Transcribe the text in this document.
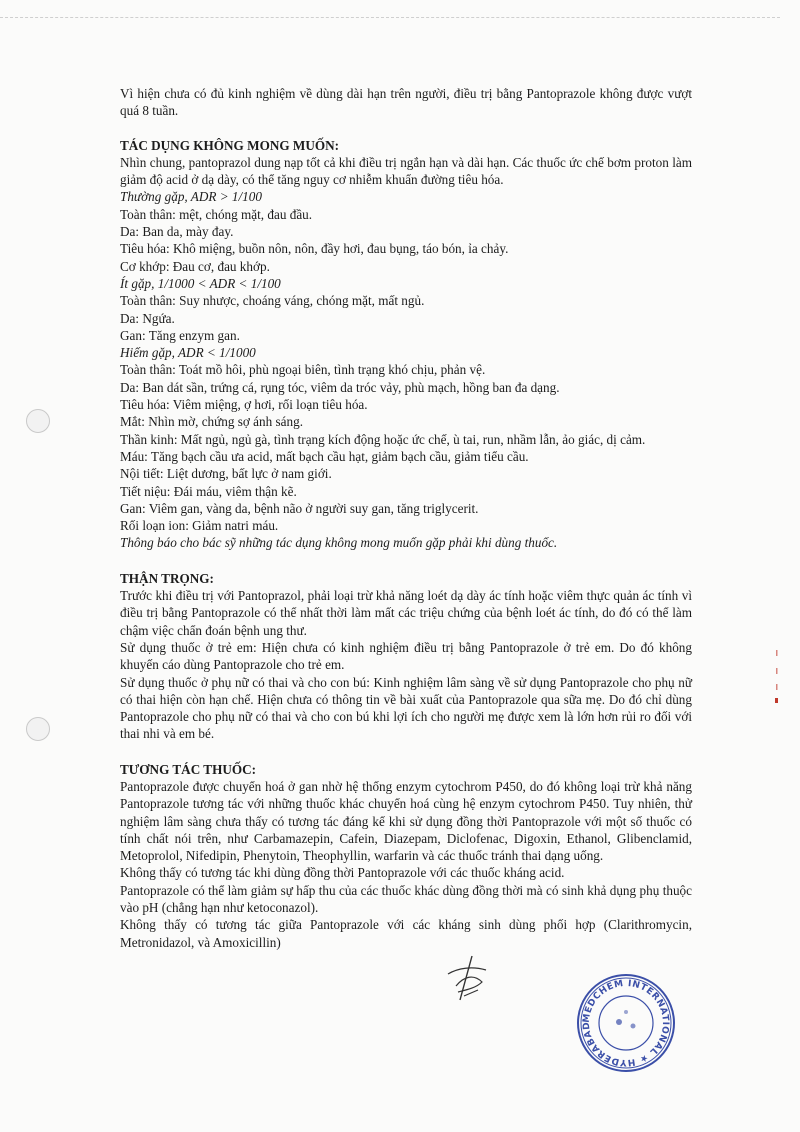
Vì hiện chưa có đủ kinh nghiệm về dùng dài hạn trên người, điều trị bằng Pantoprazole không được vượt quá 8 tuần.

TÁC DỤNG KHÔNG MONG MUỐN:

Nhìn chung, pantoprazol dung nạp tốt cả khi điều trị ngắn hạn và dài hạn. Các thuốc ức chế bơm proton làm giảm độ acid ở dạ dày, có thể tăng nguy cơ nhiễm khuẩn đường tiêu hóa.

Thường gặp, ADR > 1/100

Toàn thân: mệt, chóng mặt, đau đầu.

Da: Ban da, mày đay.

Tiêu hóa: Khô miệng, buồn nôn, nôn, đầy hơi, đau bụng, táo bón, ỉa chảy.

Cơ khớp: Đau cơ, đau khớp.

Ít gặp, 1/1000 < ADR < 1/100

Toàn thân: Suy nhược, choáng váng, chóng mặt, mất ngủ.

Da: Ngứa.

Gan: Tăng enzym gan.

Hiếm gặp, ADR < 1/1000

Toàn thân: Toát mồ hôi, phù ngoại biên, tình trạng khó chịu, phản vệ.

Da: Ban dát sần, trứng cá, rụng tóc, viêm da tróc vảy, phù mạch, hồng ban đa dạng.

Tiêu hóa: Viêm miệng, ợ hơi, rối loạn tiêu hóa.

Mắt: Nhìn mờ, chứng sợ ánh sáng.

Thần kinh: Mất ngủ, ngủ gà, tình trạng kích động hoặc ức chế, ù tai, run, nhầm lẫn, ảo giác, dị cảm.

Máu: Tăng bạch cầu ưa acid, mất bạch cầu hạt, giảm bạch cầu, giảm tiểu cầu.

Nội tiết: Liệt dương, bất lực ở nam giới.

Tiết niệu: Đái máu, viêm thận kẽ.

Gan: Viêm gan, vàng da, bệnh não ở người suy gan, tăng triglycerit.

Rối loạn ion: Giảm natri máu.

Thông báo cho bác sỹ những tác dụng không mong muốn gặp phải khi dùng thuốc.

THẬN TRỌNG:

Trước khi điều trị với Pantoprazol, phải loại trừ khả năng loét dạ dày ác tính hoặc viêm thực quản ác tính vì điều trị bằng Pantoprazole có thể nhất thời làm mất các triệu chứng của bệnh loét ác tính, do đó có thể làm chậm việc chẩn đoán bệnh ung thư.

Sử dụng thuốc ở trẻ em: Hiện chưa có kinh nghiệm điều trị bằng Pantoprazole ở trẻ em. Do đó không khuyến cáo dùng Pantoprazole cho trẻ em.

Sử dụng thuốc ở phụ nữ có thai và cho con bú: Kinh nghiệm lâm sàng về sử dụng Pantoprazole cho phụ nữ có thai hiện còn hạn chế. Hiện chưa có thông tin về bài xuất của Pantoprazole qua sữa mẹ. Do đó chỉ dùng Pantoprazole cho phụ nữ có thai và cho con bú khi lợi ích cho người mẹ được xem là lớn hơn rủi ro đối với thai nhi và em bé.

TƯƠNG TÁC THUỐC:

Pantoprazole được chuyển hoá ở gan nhờ hệ thống enzym cytochrom P450, do đó không loại trừ khả năng Pantoprazole tương tác với những thuốc khác chuyển hoá cùng hệ enzym cytochrom P450. Tuy nhiên, thử nghiệm lâm sàng chưa thấy có tương tác đáng kể khi sử dụng đồng thời Pantoprazole với một số thuốc có tính chất nói trên, như Carbamazepin, Cafein, Diazepam, Diclofenac, Digoxin, Ethanol, Glibenclamid, Metoprolol, Nifedipin, Phenytoin, Theophyllin, warfarin và các thuốc tránh thai dạng uống.

Không thấy có tương tác khi dùng đồng thời Pantoprazole với các thuốc kháng acid.

Pantoprazole có thể làm giảm sự hấp thu của các thuốc khác dùng đồng thời mà có sinh khả dụng phụ thuộc vào pH (chẳng hạn như ketoconazol).

Không thấy có tương tác giữa Pantoprazole với các kháng sinh dùng phối hợp (Clarithromycin, Metronidazol, và Amoxicillin)

MEDCHEM INTERNATIONAL ★ HYDERABAD
